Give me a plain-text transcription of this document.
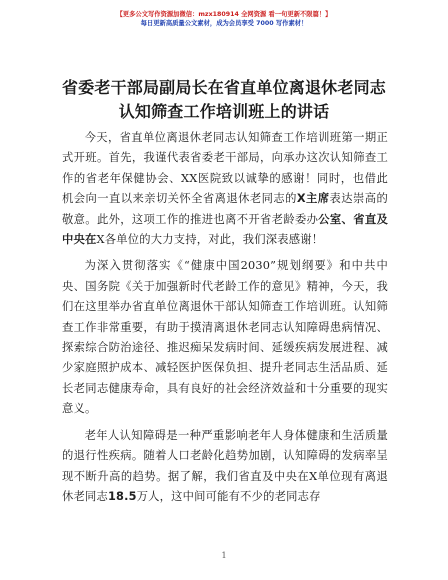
【更多公文写作资源加微信：mzx180914 全网资源 看一句更新不限篇！】
每日更新高质量公文素材，成为会员享受 7000 写作素材！
省委老干部局副局长在省直单位离退休老同志
认知筛查工作培训班上的讲话

今天，省直单位离退休老同志认知筛查工作培训班第一期正式开班。首先，我谨代表省委老干部局，向承办这次认知筛查工作的省老年保健协会、XX医院致以诚挚的感谢！同时，也借此机会向一直以来亲切关怀全省离退休老同志的X主席表达崇高的敬意。此外，这项工作的推进也离不开省老龄委办公室、省直及中央在X各单位的大力支持，对此，我们深表感谢！

为深入贯彻落实《“健康中国2030”规划纲要》和中共中央、国务院《关于加强新时代老龄工作的意见》精神，今天，我们在这里举办省直单位离退休干部认知筛查工作培训班。认知筛查工作非常重要，有助于摸清离退休老同志认知障碍患病情况、探索综合防治途径、推迟痴呆发病时间、延缓疾病发展进程、减少家庭照护成本、减轻医护医保负担、提升老同志生活品质、延长老同志健康寿命，具有良好的社会经济效益和十分重要的现实意义。

老年人认知障碍是一种严重影响老年人身体健康和生活质量的退行性疾病。随着人口老龄化趋势加剧，认知障碍的发病率呈现不断升高的趋势。据了解，我们省直及中央在X单位现有离退休老同志18.5万人，这中间可能有不少的老同志存

1
